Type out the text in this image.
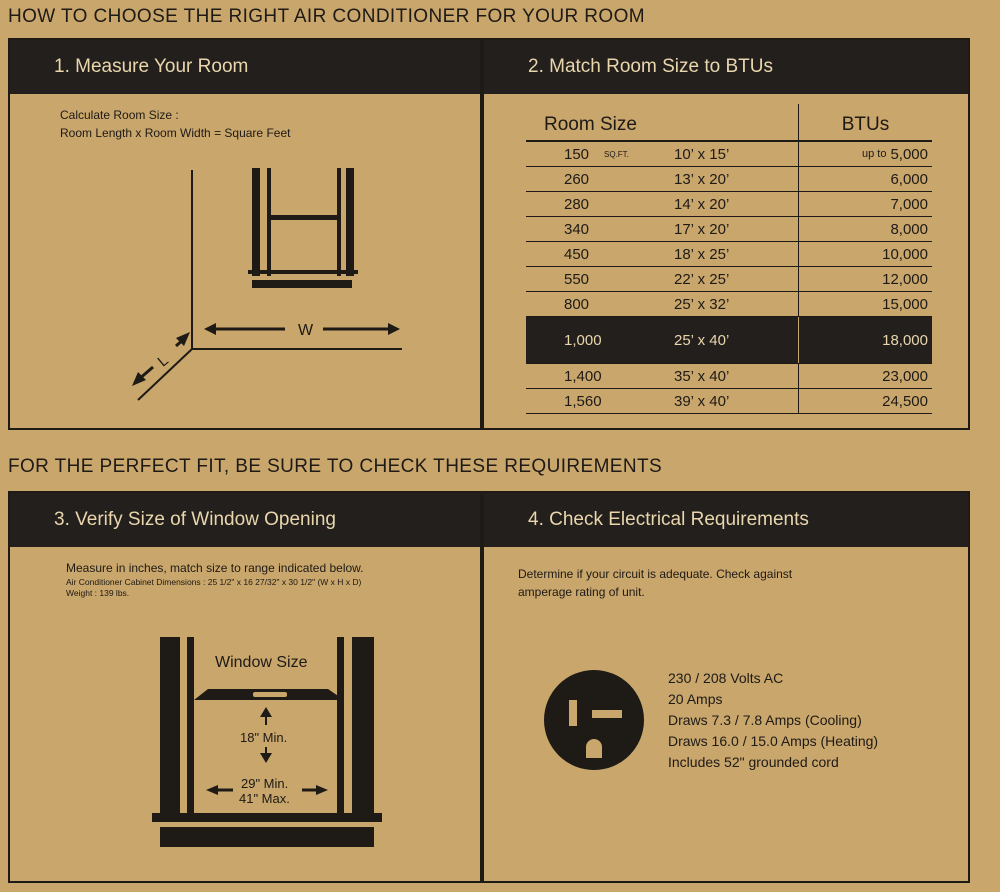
HOW TO CHOOSE THE RIGHT AIR CONDITIONER FOR YOUR ROOM
1. Measure Your Room
Calculate Room Size :
Room Length x Room Width = Square Feet
W
L
2. Match Room Size to BTUs
Room Size	BTUs
150 SQ.FT.	10’ x 15’	up to 5,000
260	13’ x 20’	6,000
280	14’ x 20’	7,000
340	17’ x 20’	8,000
450	18’ x 25’	10,000
550	22’ x 25’	12,000
800	25’ x 32’	15,000
1,000	25’ x 40’	18,000
1,400	35’ x 40’	23,000
1,560	39’ x 40’	24,500
FOR THE PERFECT FIT, BE SURE TO CHECK THESE REQUIREMENTS
3. Verify Size of Window Opening
Measure in inches, match size to range indicated below.
Air Conditioner Cabinet Dimensions : 25 1/2" x 16 27/32" x 30 1/2" (W x H x D)
Weight : 139 lbs.
Window Size
18" Min.
29" Min.
41" Max.
4. Check Electrical Requirements
Determine if your circuit is adequate. Check against
amperage rating of unit.
230 / 208 Volts AC
20 Amps
Draws 7.3 / 7.8 Amps (Cooling)
Draws 16.0 / 15.0 Amps (Heating)
Includes 52" grounded cord
